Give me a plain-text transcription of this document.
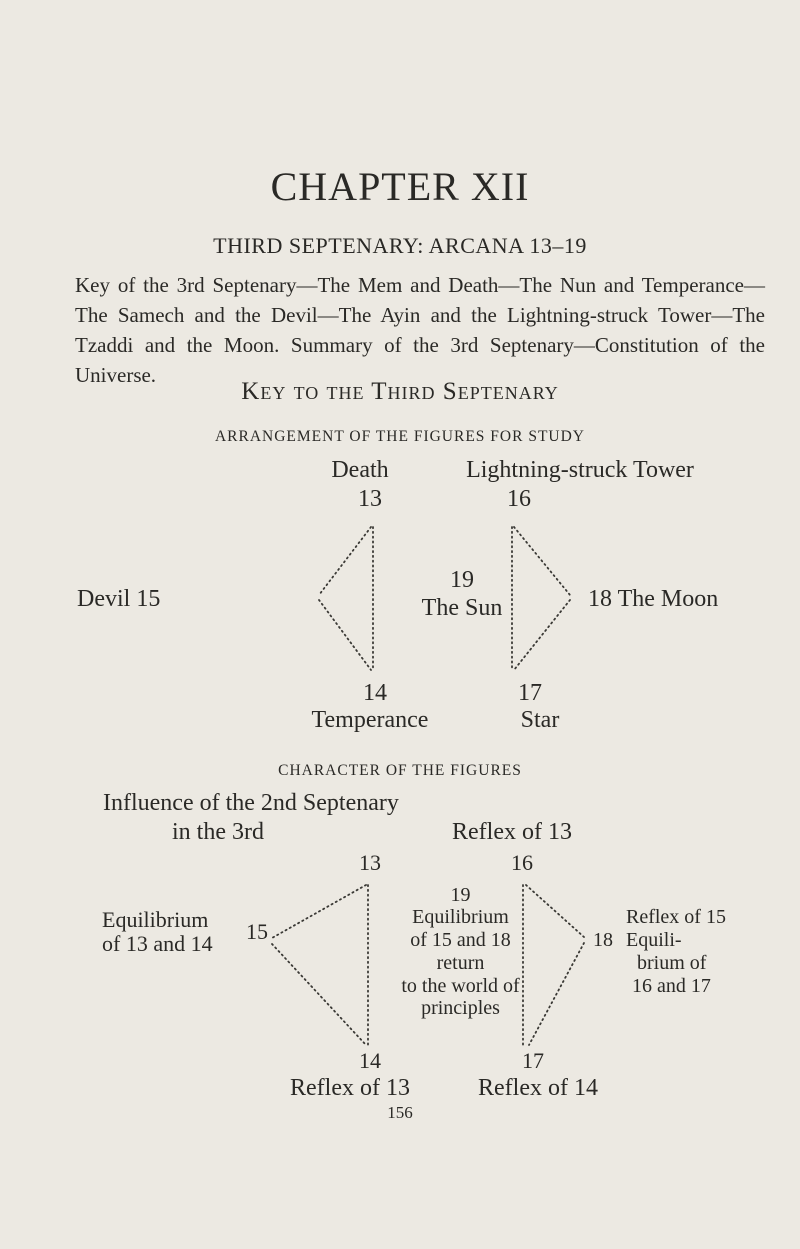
CHAPTER XII
THIRD SEPTENARY: ARCANA 13–19
Key of the 3rd Septenary—The Mem and Death—The Nun and Temperance—The Samech and the Devil—The Ayin and the Lightning-struck Tower—The Tzaddi and the Moon. Summary of the 3rd Septenary—Constitution of the Universe.
Key to the Third Septenary
ARRANGEMENT OF THE FIGURES FOR STUDY
Death	Lightning-struck Tower
13	16
Devil 15
19
The Sun	18 The Moon
14	17
Temperance	Star
CHARACTER OF THE FIGURES
Influence of the 2nd Septenary
in the 3rd	Reflex of 13
13	16
Equilibrium
of 13 and 14 15
19
Equilibrium
of 15 and 18
return
to the world of
principles
Reflex of 15
18 Equili-
brium of
16 and 17
14	17
Reflex of 13	Reflex of 14
156
